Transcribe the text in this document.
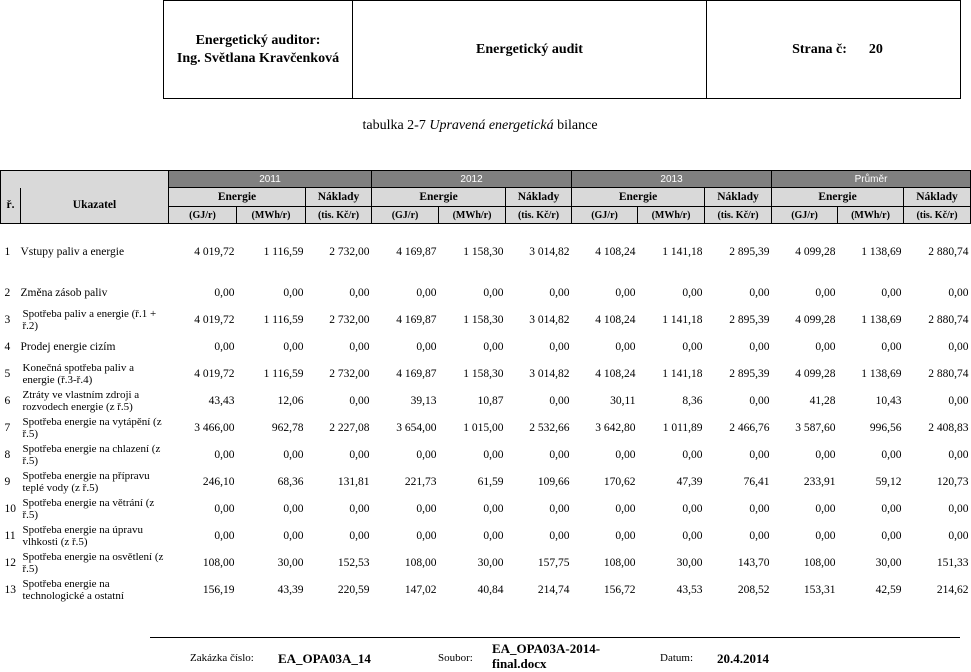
Energetický auditor:
Ing. Světlana Kravčenková
Energetický audit	Strana č: 20
tabulka 2-7 Upravená energetická bilance
		2011			2012			2013			Průměr		
ř.	Ukazatel	Energie		Náklady	Energie		Náklady	Energie		Náklady	Energie		Náklady
		(GJ/r)	(MWh/r)	(tis. Kč/r)	(GJ/r)	(MWh/r)	(tis. Kč/r)	(GJ/r)	(MWh/r)	(tis. Kč/r)	(GJ/r)	(MWh/r)	(tis. Kč/r)

1	Vstupy paliv a energie	4 019,72	1 116,59	2 732,00	4 169,87	1 158,30	3 014,82	4 108,24	1 141,18	2 895,39	4 099,28	1 138,69	2 880,74

2	Změna zásob paliv	0,00	0,00	0,00	0,00	0,00	0,00	0,00	0,00	0,00	0,00	0,00	0,00
3	Spotřeba paliv a energie (ř.1 + ř.2)	4 019,72	1 116,59	2 732,00	4 169,87	1 158,30	3 014,82	4 108,24	1 141,18	2 895,39	4 099,28	1 138,69	2 880,74
4	Prodej energie cizím	0,00	0,00	0,00	0,00	0,00	0,00	0,00	0,00	0,00	0,00	0,00	0,00
5	Konečná spotřeba paliv a energie (ř.3-ř.4)	4 019,72	1 116,59	2 732,00	4 169,87	1 158,30	3 014,82	4 108,24	1 141,18	2 895,39	4 099,28	1 138,69	2 880,74
6	Ztráty ve vlastním zdroji a rozvodech energie (z ř.5)	43,43	12,06	0,00	39,13	10,87	0,00	30,11	8,36	0,00	41,28	10,43	0,00
7	Spotřeba energie na vytápění (z ř.5)	3 466,00	962,78	2 227,08	3 654,00	1 015,00	2 532,66	3 642,80	1 011,89	2 466,76	3 587,60	996,56	2 408,83
8	Spotřeba energie na chlazení (z ř.5)	0,00	0,00	0,00	0,00	0,00	0,00	0,00	0,00	0,00	0,00	0,00	0,00
9	Spotřeba energie na přípravu teplé vody (z ř.5)	246,10	68,36	131,81	221,73	61,59	109,66	170,62	47,39	76,41	233,91	59,12	120,73
10	Spotřeba energie na větrání (z ř.5)	0,00	0,00	0,00	0,00	0,00	0,00	0,00	0,00	0,00	0,00	0,00	0,00
11	Spotřeba energie na úpravu vlhkosti (z ř.5)	0,00	0,00	0,00	0,00	0,00	0,00	0,00	0,00	0,00	0,00	0,00	0,00
12	Spotřeba energie na osvětlení (z ř.5)	108,00	30,00	152,53	108,00	30,00	157,75	108,00	30,00	143,70	108,00	30,00	151,33
13	Spotřeba energie na technologické a ostatní	156,19	43,39	220,59	147,02	40,84	214,74	156,72	43,53	208,52	153,31	42,59	214,62
Zakázka číslo: EA_OPA03A_14	Soubor:
EA_OPA03A-2014-final.docx	Datum: 20.4.2014
